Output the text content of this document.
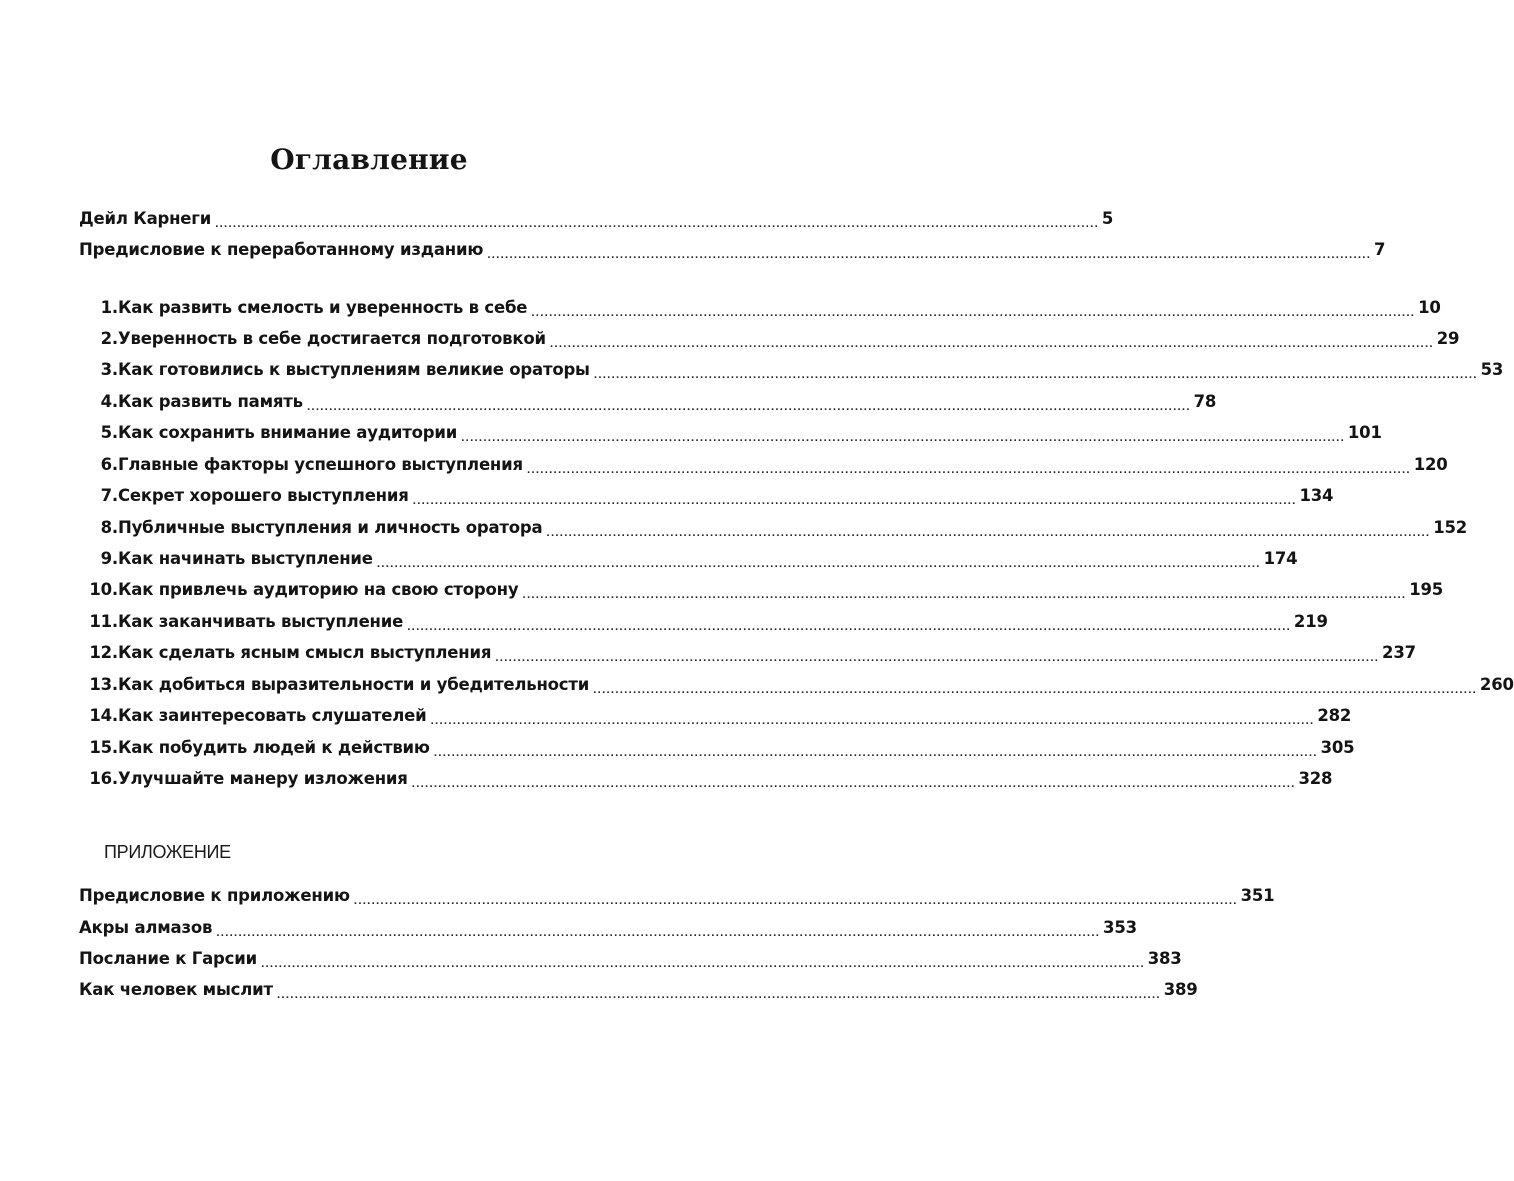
Оглавление
Дейл Карнеги ........................................................................................................................................................................................................ 5
Предисловие к переработанному изданию ........................................................................................................................................................................................................ 7
1. Как развить смелость и уверенность в себе ........................................................................................................................................................................................................ 10
2. Уверенность в себе достигается подготовкой ........................................................................................................................................................................................................ 29
3. Как готовились к выступлениям великие ораторы ........................................................................................................................................................................................................ 53
4. Как развить память ........................................................................................................................................................................................................ 78
5. Как сохранить внимание аудитории ........................................................................................................................................................................................................ 101
6. Главные факторы успешного выступления ........................................................................................................................................................................................................ 120
7. Секрет хорошего выступления ........................................................................................................................................................................................................ 134
8. Публичные выступления и личность оратора ........................................................................................................................................................................................................ 152
9. Как начинать выступление ........................................................................................................................................................................................................ 174
10. Как привлечь аудиторию на свою сторону ........................................................................................................................................................................................................ 195
11. Как заканчивать выступление ........................................................................................................................................................................................................ 219
12. Как сделать ясным смысл выступления ........................................................................................................................................................................................................ 237
13. Как добиться выразительности и убедительности ........................................................................................................................................................................................................ 260
14. Как заинтересовать слушателей ........................................................................................................................................................................................................ 282
15. Как побудить людей к действию ........................................................................................................................................................................................................ 305
16. Улучшайте манеру изложения ........................................................................................................................................................................................................ 328
ПРИЛОЖЕНИЕ
Предисловие к приложению ........................................................................................................................................................................................................ 351
Акры алмазов ........................................................................................................................................................................................................ 353
Послание к Гарсии ........................................................................................................................................................................................................ 383
Как человек мыслит ........................................................................................................................................................................................................ 389
